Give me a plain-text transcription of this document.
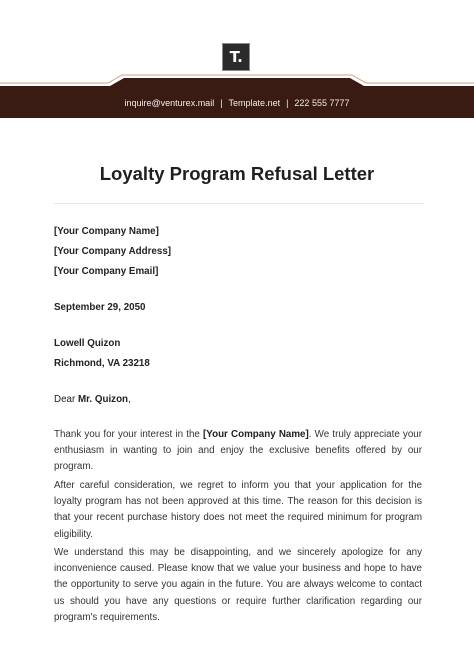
T.
inquire@venturex.mail | Template.net | 222 555 7777
Loyalty Program Refusal Letter
[Your Company Name]
[Your Company Address]
[Your Company Email]
September 29, 2050
Lowell Quizon
Richmond, VA 23218
Dear Mr. Quizon,
Thank you for your interest in the [Your Company Name]. We truly appreciate your enthusiasm in wanting to join and enjoy the exclusive benefits offered by our program.
After careful consideration, we regret to inform you that your application for the loyalty program has not been approved at this time. The reason for this decision is that your recent purchase history does not meet the required minimum for program eligibility.
We understand this may be disappointing, and we sincerely apologize for any inconvenience caused. Please know that we value your business and hope to have the opportunity to serve you again in the future. You are always welcome to contact us should you have any questions or require further clarification regarding our program's requirements.
